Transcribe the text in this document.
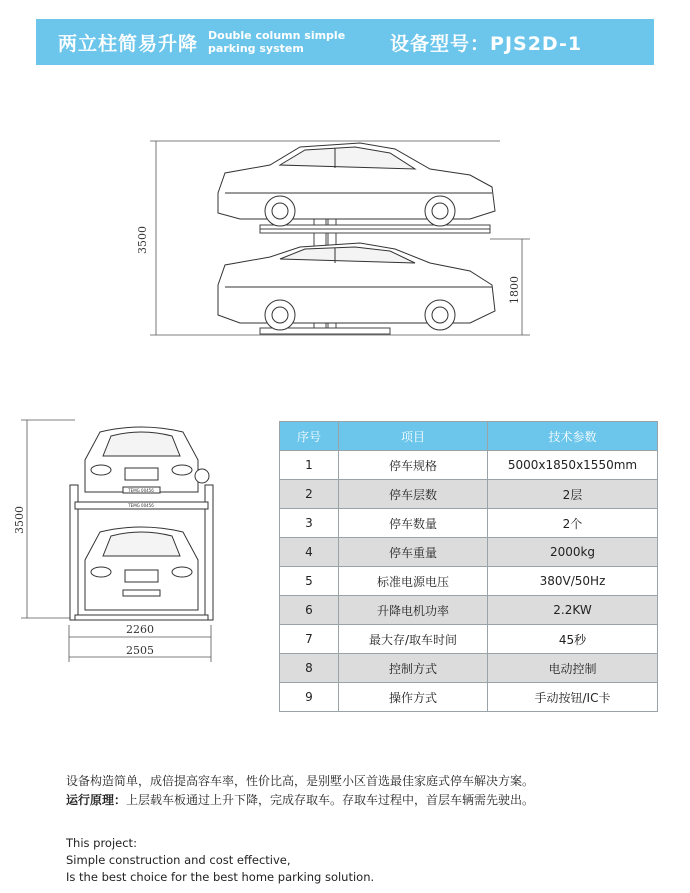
两立柱简易升降 Double column simple
parking system	设备型号：PJS2D-1
3500
1800
3500
2260
2505
TEMG 00456
TEMG 00456
序号	项目	技术参数
1	停车规格	5000x1850x1550mm
2	停车层数	2层
3	停车数量	2个
4	停车重量	2000kg
5	标准电源电压	380V/50Hz
6	升降电机功率	2.2KW
7	最大存/取车时间	45秒
8	控制方式	电动控制
9	操作方式	手动按钮/IC卡
设备构造简单，成倍提高容车率，性价比高，是别墅小区首选最佳家庭式停车解决方案。
运行原理：上层载车板通过上升下降，完成存取车。存取车过程中，首层车辆需先驶出。
This project:
Simple construction and cost effective,
Is the best choice for the best home parking solution.
